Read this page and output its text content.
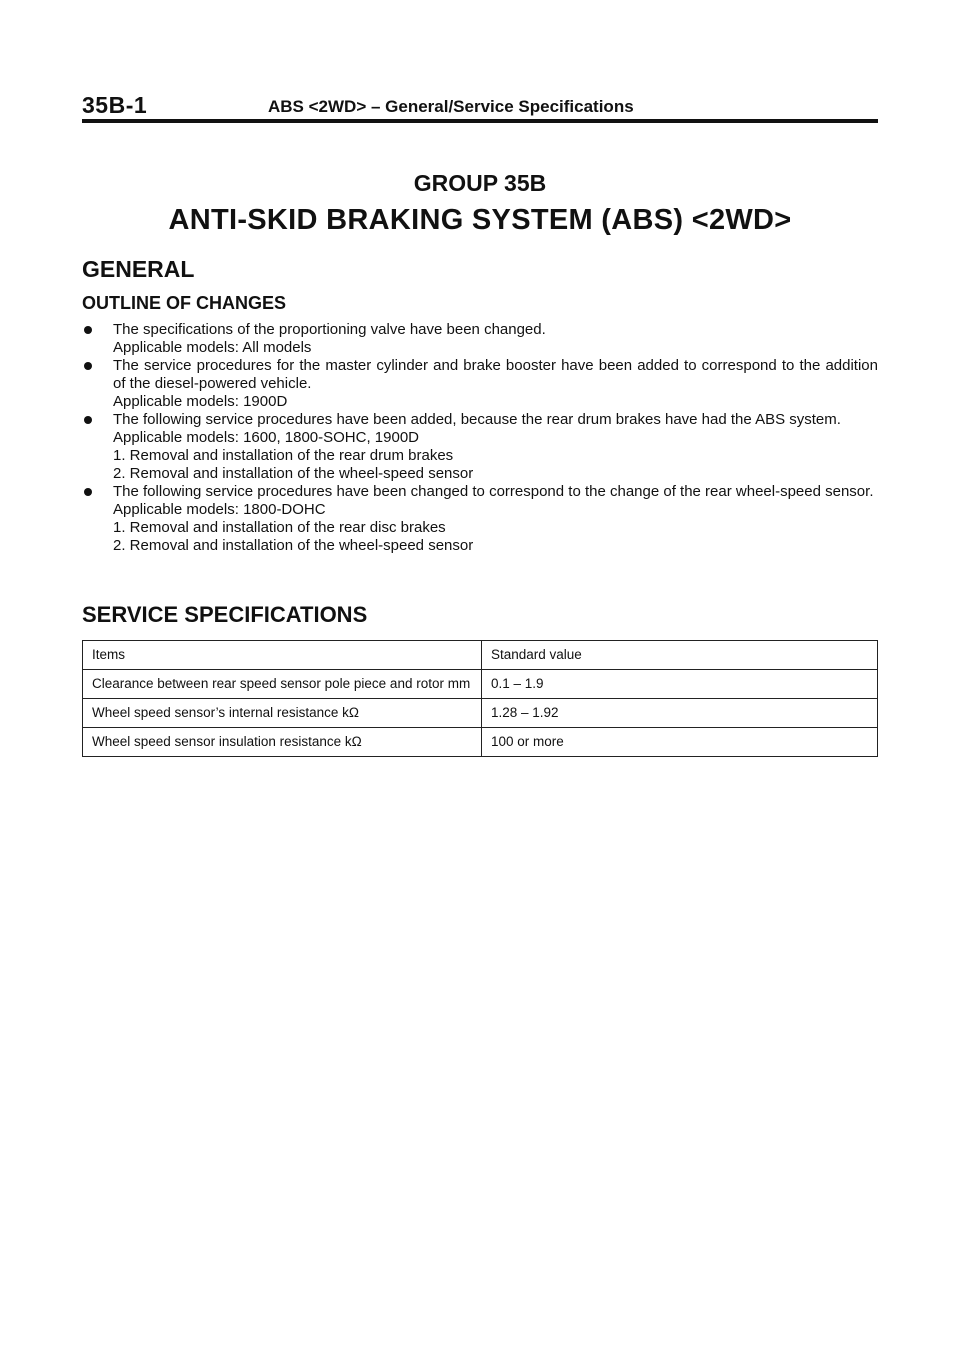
35B-1	ABS <2WD> – General/Service Specifications
GROUP 35B
ANTI-SKID BRAKING SYSTEM (ABS) <2WD>
GENERAL
OUTLINE OF CHANGES

The specifications of the proportioning valve have been changed.

Applicable models: All models

The service procedures for the master cylinder and brake booster have been added to correspond to the addition of the diesel-powered vehicle.

Applicable models: 1900D

The following service procedures have been added, because the rear drum brakes have had the ABS system.

Applicable models: 1600, 1800-SOHC, 1900D

1. Removal and installation of the rear drum brakes
2. Removal and installation of the wheel-speed sensor

The following service procedures have been changed to correspond to the change of the rear wheel-speed sensor.

Applicable models: 1800-DOHC

1. Removal and installation of the rear disc brakes
2. Removal and installation of the wheel-speed sensor
SERVICE SPECIFICATIONS
Items	Standard value
Clearance between rear speed sensor pole piece and rotor mm	0.1 – 1.9
Wheel speed sensor’s internal resistance kΩ	1.28 – 1.92
Wheel speed sensor insulation resistance kΩ	100 or more
